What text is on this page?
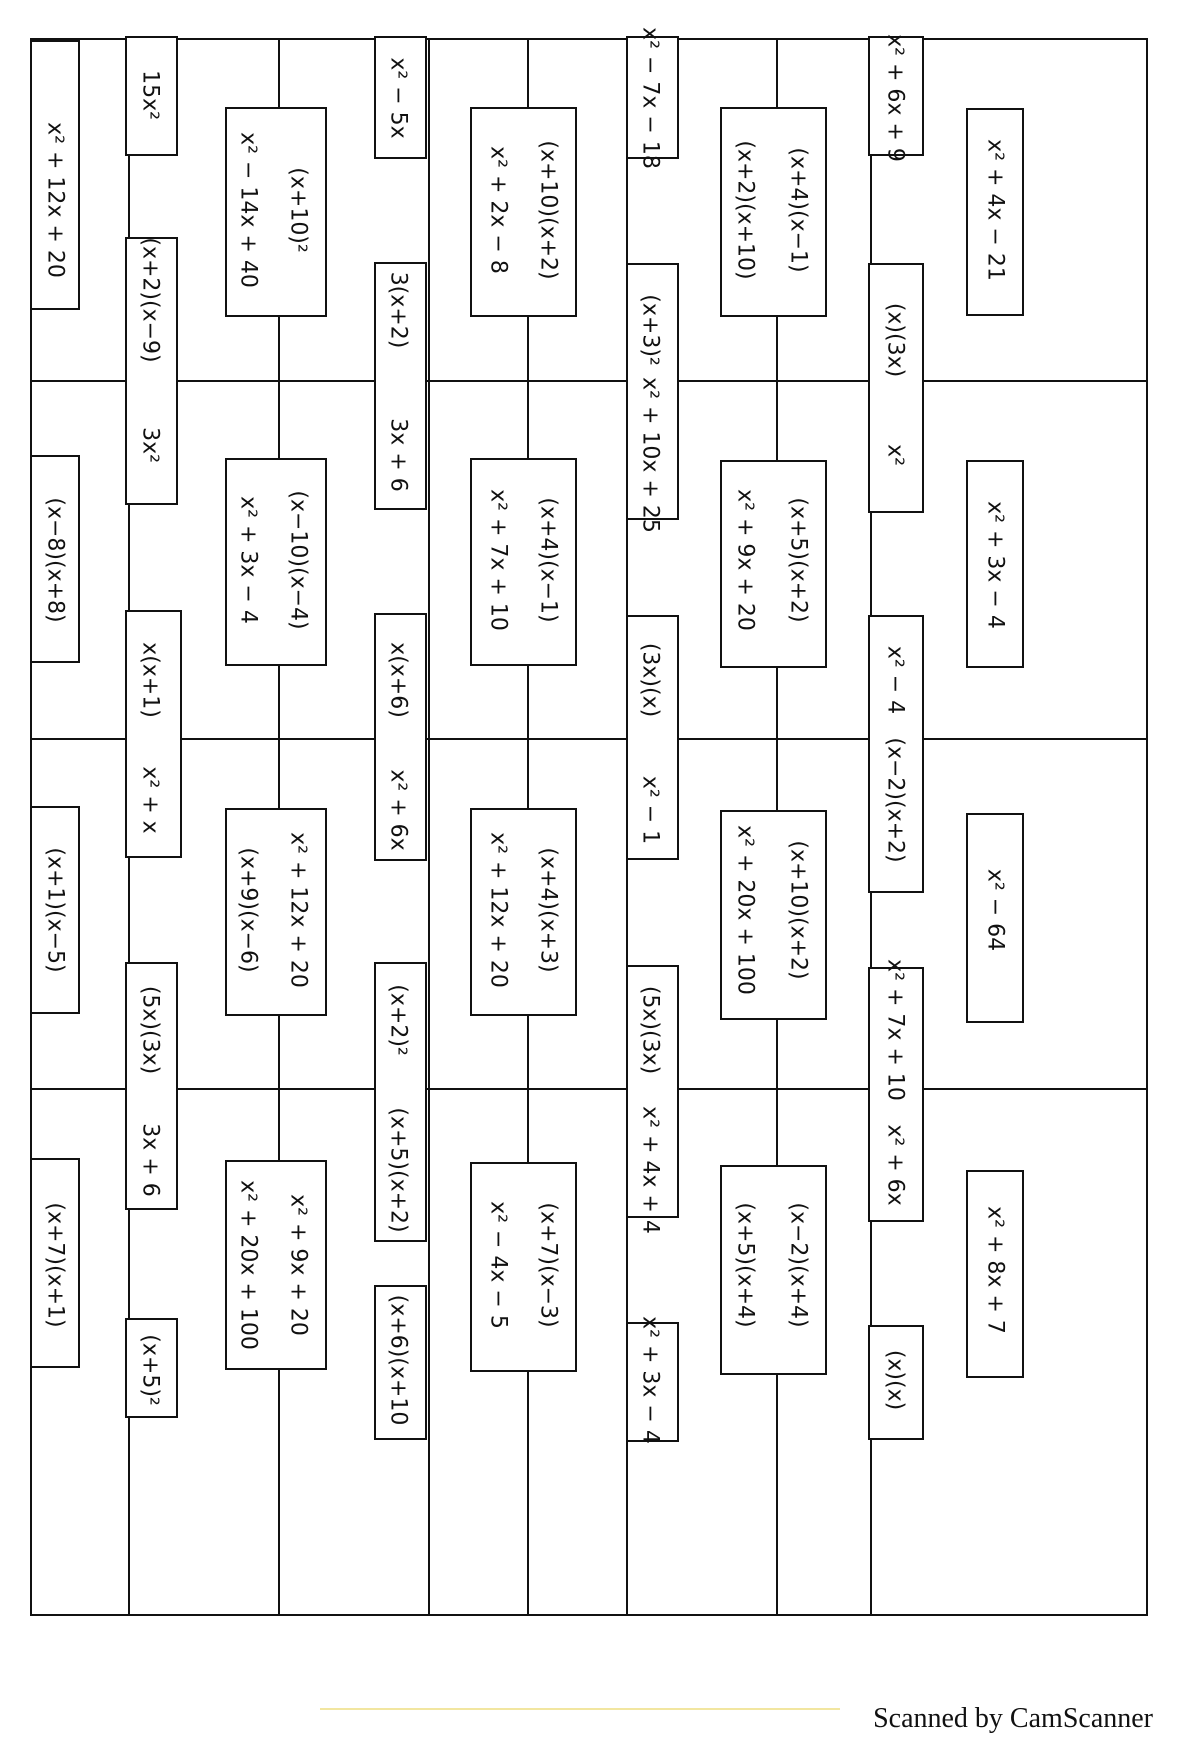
x² + 12x + 20
(x−8)(x+8)
(x+1)(x−5)
(x+7)(x+1)
15x²
(x+2)(x−9)
3x²
x(x+1)
x² + x
(5x)(3x)
3x + 6
(x+5)²
x² − 14x + 40 (x+10)²
x² + 3x − 4 (x−10)(x−4)
(x+9)(x−6) x² + 12x + 20
x² + 20x + 100 x² + 9x + 20
x² − 5x
3(x+2)
3x + 6
x(x+6)
x² + 6x
(x+2)²
(x+5)(x+2)
(x+6)(x+10
x² + 2x − 8 (x+10)(x+2)
x² + 7x + 10 (x+4)(x−1)
x² + 12x + 20 (x+4)(x+3)
x² − 4x − 5 (x+7)(x−3)
x² − 7x − 18
(x+3)²
x² + 10x + 25
(3x)(x)
x² − 1
(5x)(3x)
x² + 4x + 4
x² + 3x − 4
(x+2)(x+10) (x+4)(x−1)
x² + 9x + 20 (x+5)(x+2)
x² + 20x + 100 (x+10)(x+2)
(x+5)(x+4) (x−2)(x+4)
x² + 6x + 9
(x)(3x)
x²
x² − 4
(x−2)(x+2)
x² + 7x + 10
x² + 6x
(x)(x)
x² + 4x − 21
x² + 3x − 4
x² − 64
x² + 8x + 7
Scanned by CamScanner
